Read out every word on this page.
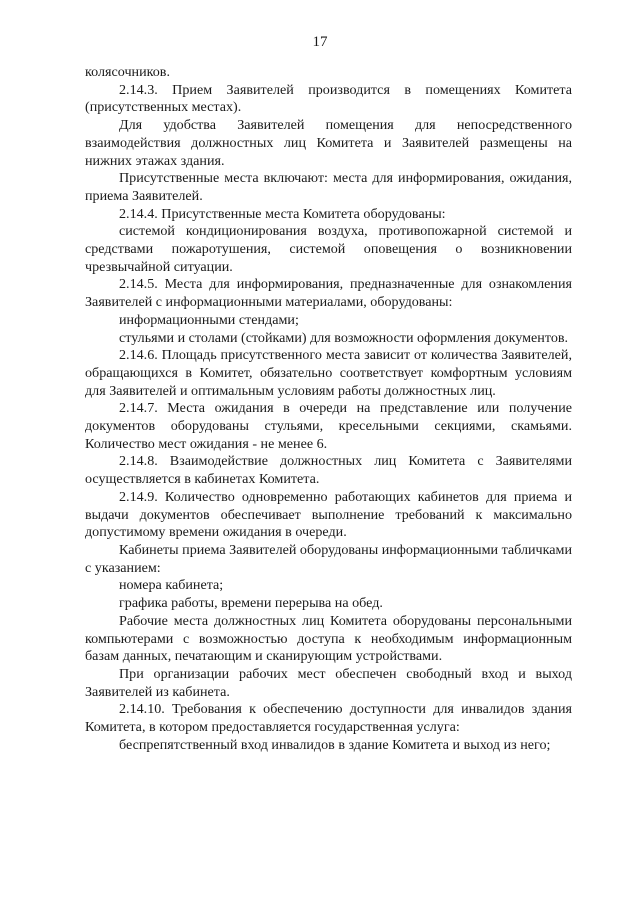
17

колясочников.

2.14.3. Прием Заявителей производится в помещениях Комитета (присутственных местах).

Для удобства Заявителей помещения для непосредственного взаимодействия должностных лиц Комитета и Заявителей размещены на нижних этажах здания.

Присутственные места включают: места для информирования, ожидания, приема Заявителей.

2.14.4. Присутственные места Комитета оборудованы:

системой кондиционирования воздуха, противопожарной системой и средствами пожаротушения, системой оповещения о возникновении чрезвычайной ситуации.

2.14.5. Места для информирования, предназначенные для ознакомления Заявителей с информационными материалами, оборудованы:

информационными стендами;

стульями и столами (стойками) для возможности оформления документов.

2.14.6. Площадь присутственного места зависит от количества Заявителей, обращающихся в Комитет, обязательно соответствует комфортным условиям для Заявителей и оптимальным условиям работы должностных лиц.

2.14.7. Места ожидания в очереди на представление или получение документов оборудованы стульями, кресельными секциями, скамьями. Количество мест ожидания - не менее 6.

2.14.8. Взаимодействие должностных лиц Комитета с Заявителями осуществляется в кабинетах Комитета.

2.14.9. Количество одновременно работающих кабинетов для приема и выдачи документов обеспечивает выполнение требований к максимально допустимому времени ожидания в очереди.

Кабинеты приема Заявителей оборудованы информационными табличками с указанием:

номера кабинета;

графика работы, времени перерыва на обед.

Рабочие места должностных лиц Комитета оборудованы персональными компьютерами с возможностью доступа к необходимым информационным базам данных, печатающим и сканирующим устройствами.

При организации рабочих мест обеспечен свободный вход и выход Заявителей из кабинета.

2.14.10. Требования к обеспечению доступности для инвалидов здания Комитета, в котором предоставляется государственная услуга:

беспрепятственный вход инвалидов в здание Комитета и выход из него;
